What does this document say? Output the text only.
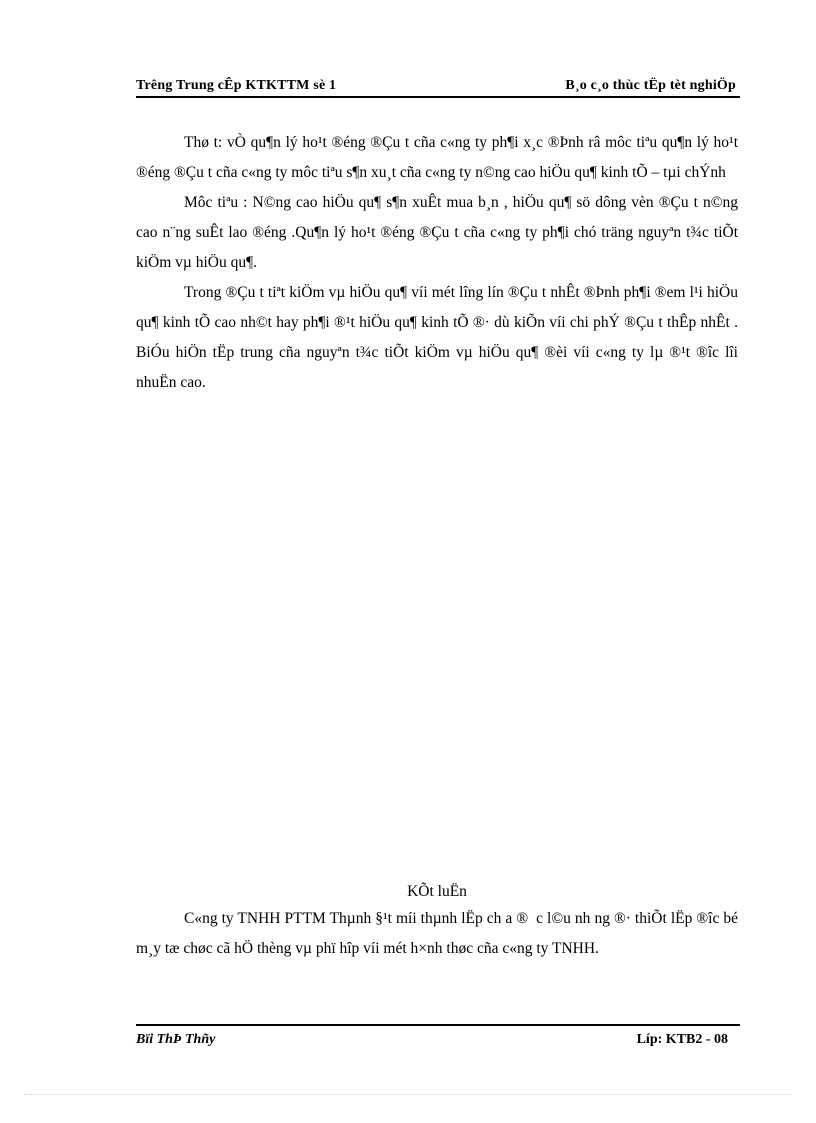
Trêng Trung cÊp KTKTTM sè 1	B¸o c¸o thùc tËp tèt nghiÖp

Thø t: vÒ qu¶n lý ho¹t ®éng ®Çu t cña c«ng ty ph¶i x¸c ®Þnh râ môc tiªu qu¶n lý ho¹t ®éng ®Çu t cña c«ng ty môc tiªu s¶n xu¸t cña c«ng ty n©ng cao hiÖu qu¶ kinh tÕ – tµi chÝnh

Môc tiªu : N©ng cao hiÖu qu¶ s¶n xuÊt mua b¸n , hiÖu qu¶ sö dông vèn ®Çu t n©ng cao n¨ng suÊt lao ®éng .Qu¶n lý ho¹t ®éng ®Çu t cña c«ng ty ph¶i chó träng nguyªn t¾c tiÕt kiÖm vµ hiÖu qu¶.

Trong ®Çu t tiªt kiÖm vµ hiÖu qu¶ víi mét lîng lín ®Çu t nhÊt ®Þnh ph¶i ®em l¹i hiÖu qu¶ kinh tÕ cao nh©t hay ph¶i ®¹t hiÖu qu¶ kinh tÕ ®· dù kiÕn víi chi phÝ ®Çu t thÊp nhÊt . BiÓu hiÖn tËp trung cña nguyªn t¾c tiÕt kiÖm vµ hiÖu qu¶ ®èi víi c«ng ty lµ ®¹t ®îc lîi nhuËn cao.

KÕt luËn

C«ng ty TNHH PTTM Thµnh §¹t míi thµnh lËp ch a ® c l©u nh ng ®· thiÕt lËp ®îc bé m¸y tæ chøc cã hÖ thèng vµ phï hîp víi mét h×nh thøc cña c«ng ty TNHH.

Bïi ThÞ Thñy	Líp: KTB2 - 08
